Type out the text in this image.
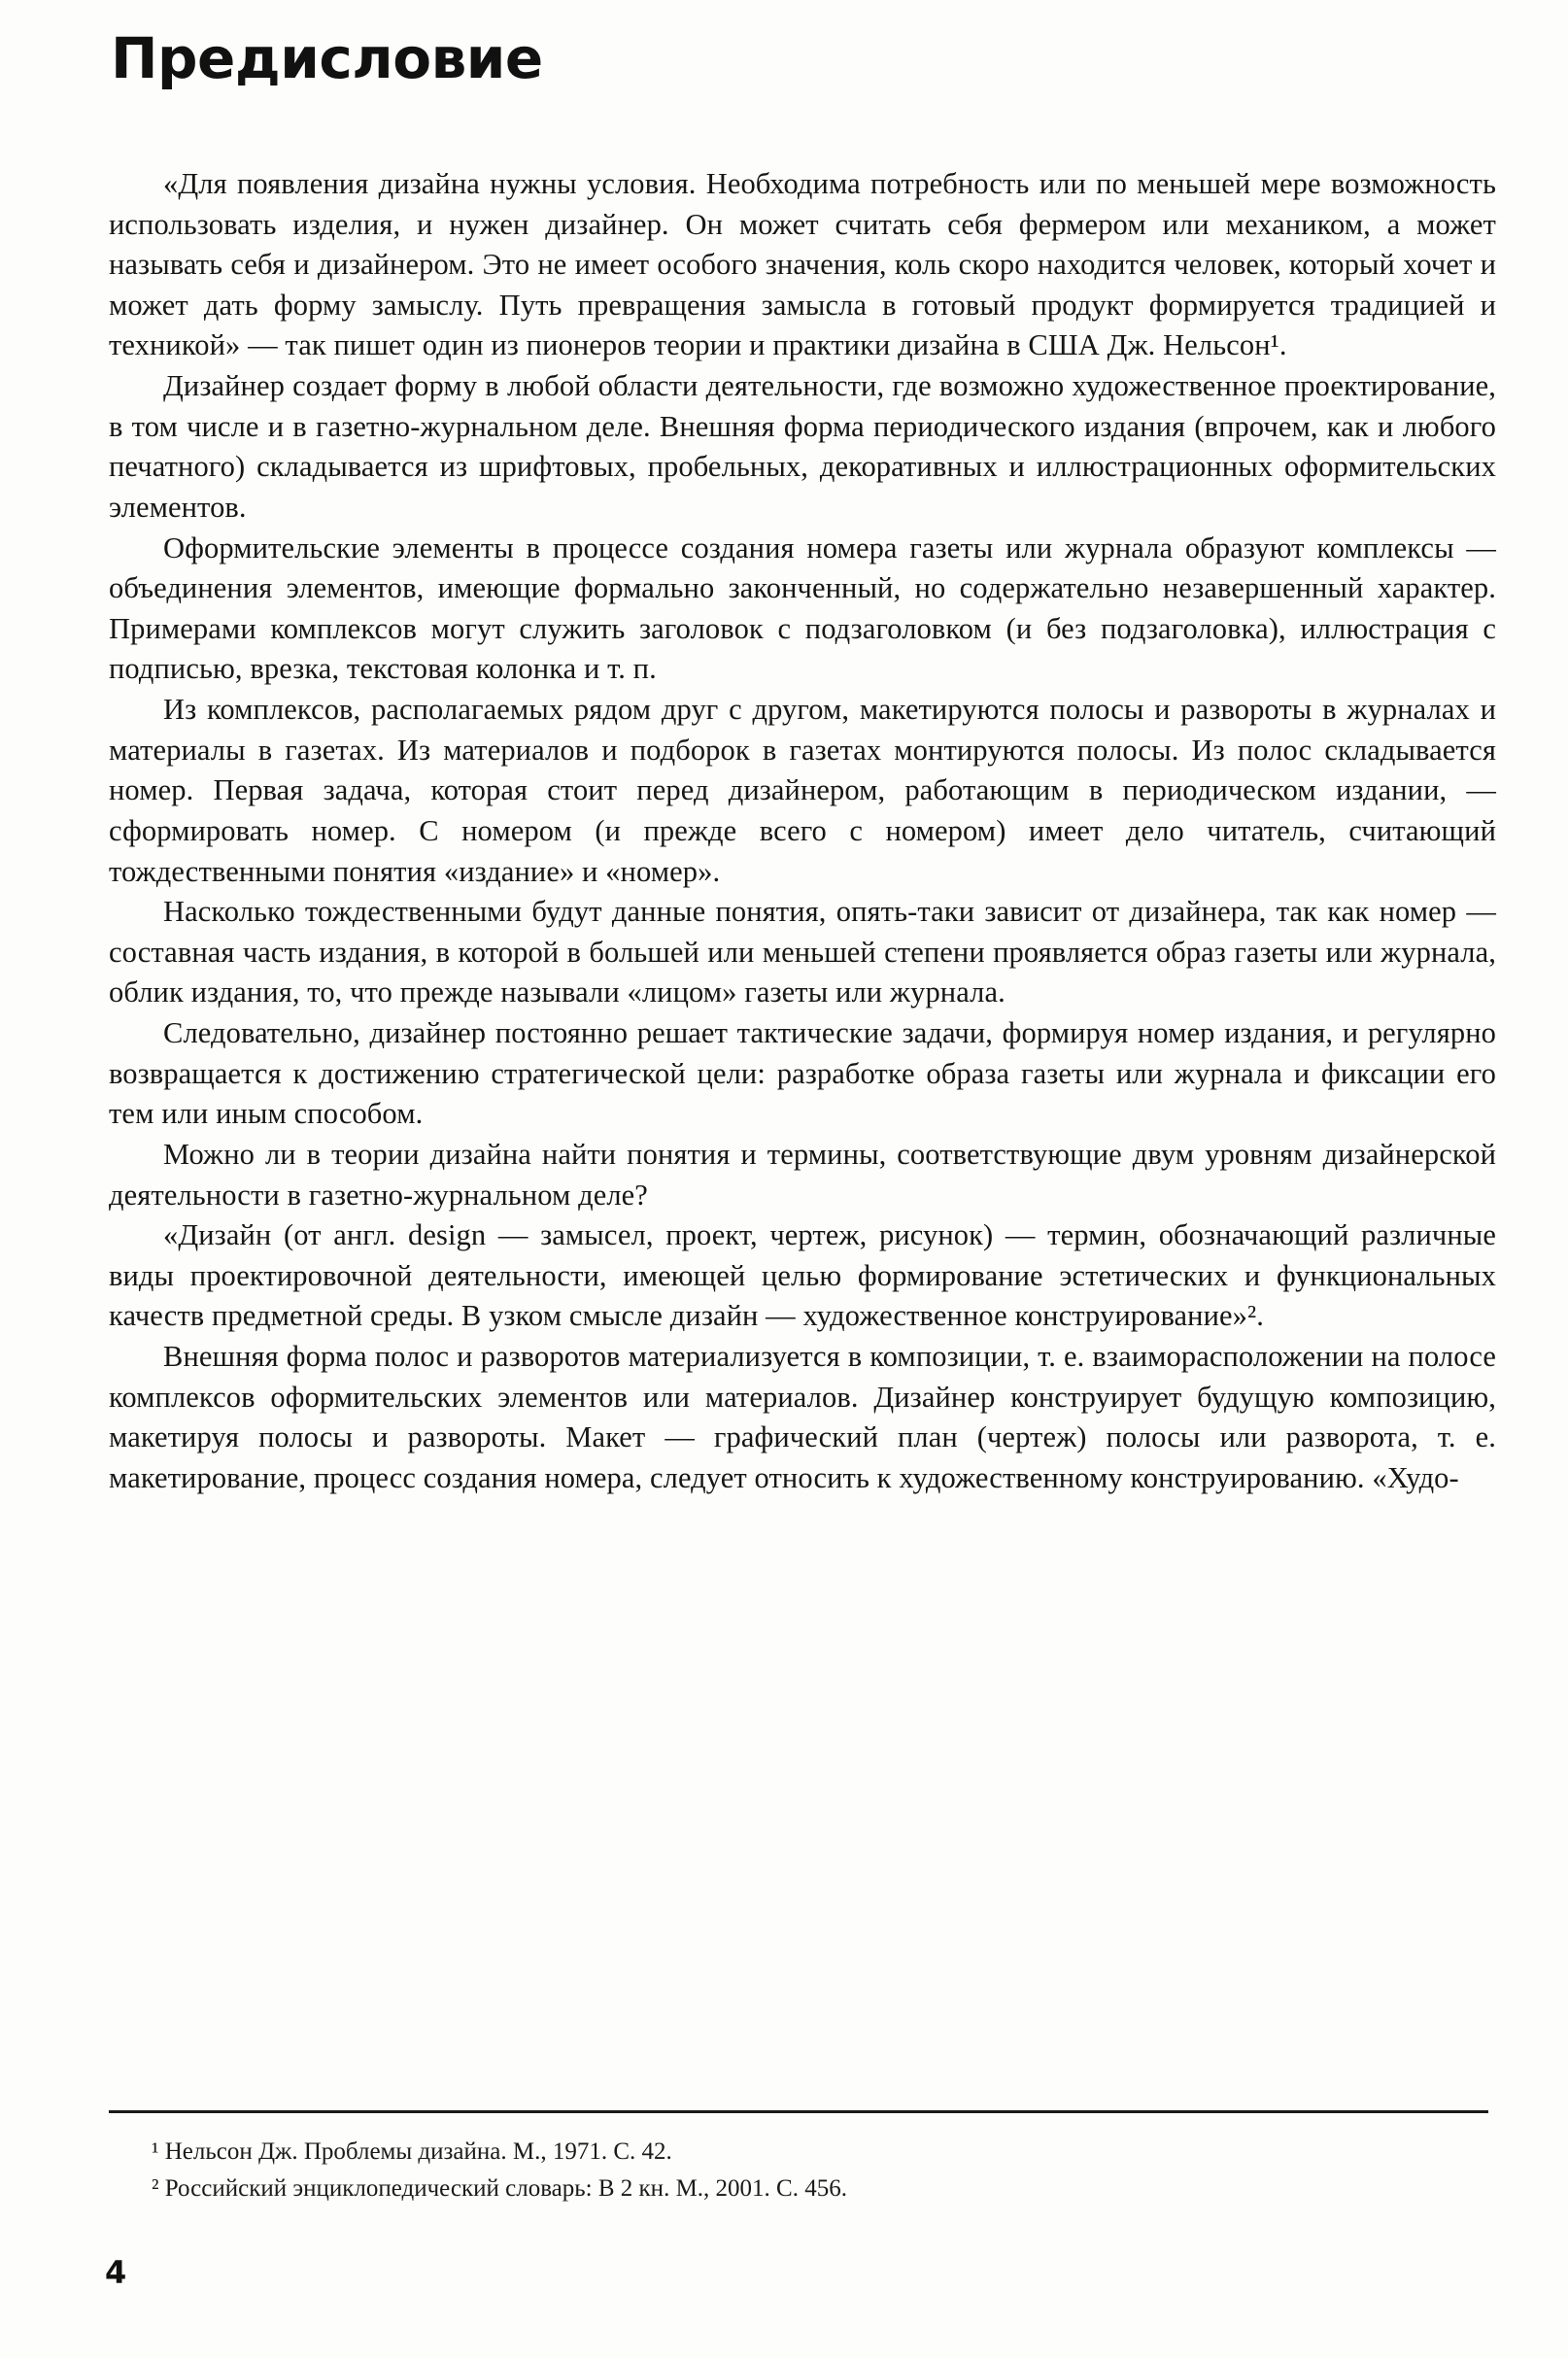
Предисловие

«Для появления дизайна нужны условия. Необходима потребность или по меньшей мере возможность использовать изделия, и нужен дизайнер. Он может считать себя фермером или механиком, а может называть себя и дизайнером. Это не имеет особого значения, коль скоро находится человек, который хочет и может дать форму замыслу. Путь превращения замысла в готовый продукт формируется традицией и техникой» — так пишет один из пионеров теории и практики дизайна в США Дж. Нельсон¹.

Дизайнер создает форму в любой области деятельности, где возможно художественное проектирование, в том числе и в газетно-журнальном деле. Внешняя форма периодического издания (впрочем, как и любого печатного) складывается из шрифтовых, пробельных, декоративных и иллюстрационных оформительских элементов.

Оформительские элементы в процессе создания номера газеты или журнала образуют комплексы — объединения элементов, имеющие формально законченный, но содержательно незавершенный характер. Примерами комплексов могут служить заголовок с подзаголовком (и без подзаголовка), иллюстрация с подписью, врезка, текстовая колонка и т. п.

Из комплексов, располагаемых рядом друг с другом, макетируются полосы и развороты в журналах и материалы в газетах. Из материалов и подборок в газетах монтируются полосы. Из полос складывается номер. Первая задача, которая стоит перед дизайнером, работающим в периодическом издании, — сформировать номер. С номером (и прежде всего с номером) имеет дело читатель, считающий тождественными понятия «издание» и «номер».

Насколько тождественными будут данные понятия, опять-таки зависит от дизайнера, так как номер — составная часть издания, в которой в большей или меньшей степени проявляется образ газеты или журнала, облик издания, то, что прежде называли «лицом» газеты или журнала.

Следовательно, дизайнер постоянно решает тактические задачи, формируя номер издания, и регулярно возвращается к достижению стратегической цели: разработке образа газеты или журнала и фиксации его тем или иным способом.

Можно ли в теории дизайна найти понятия и термины, соответствующие двум уровням дизайнерской деятельности в газетно-журнальном деле?

«Дизайн (от англ. design — замысел, проект, чертеж, рисунок) — термин, обозначающий различные виды проектировочной деятельности, имеющей целью формирование эстетических и функциональных качеств предметной среды. В узком смысле дизайн — художественное конструирование»².

Внешняя форма полос и разворотов материализуется в композиции, т. е. взаиморасположении на полосе комплексов оформительских элементов или материалов. Дизайнер конструирует будущую композицию, макетируя полосы и развороты. Макет — графический план (чертеж) полосы или разворота, т. е. макетирование, процесс создания номера, следует относить к художественному конструированию. «Худо-

¹ Нельсон Дж. Проблемы дизайна. М., 1971. С. 42.

² Российский энциклопедический словарь: В 2 кн. М., 2001. С. 456.

4
